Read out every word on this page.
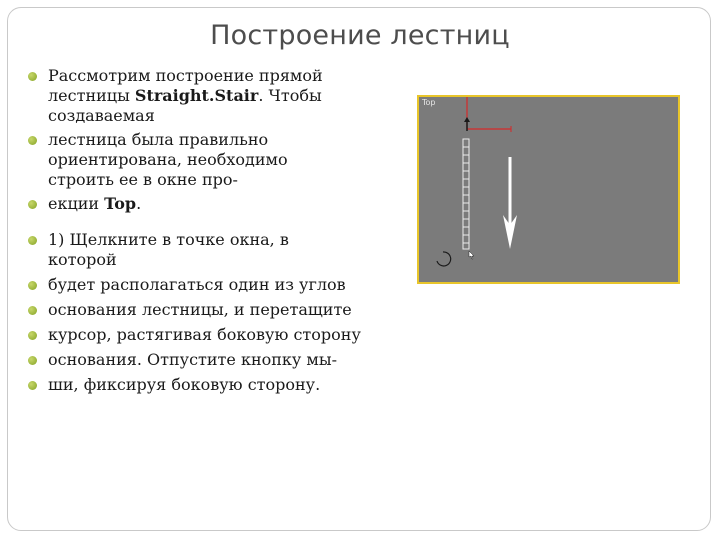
Построение лестниц
Рассмотрим построение прямой
лестницы Straight.Stair. Чтобы
создаваемая
лестница была правильно
ориентирована, необходимо
строить ее в окне про-
екции Top.
1) Щелкните в точке окна, в
которой
будет располагаться один из углов
основания лестницы, и перетащите
курсор, растягивая боковую сторону
основания. Отпустите кнопку мы-
ши, фиксируя боковую сторону.
Top
